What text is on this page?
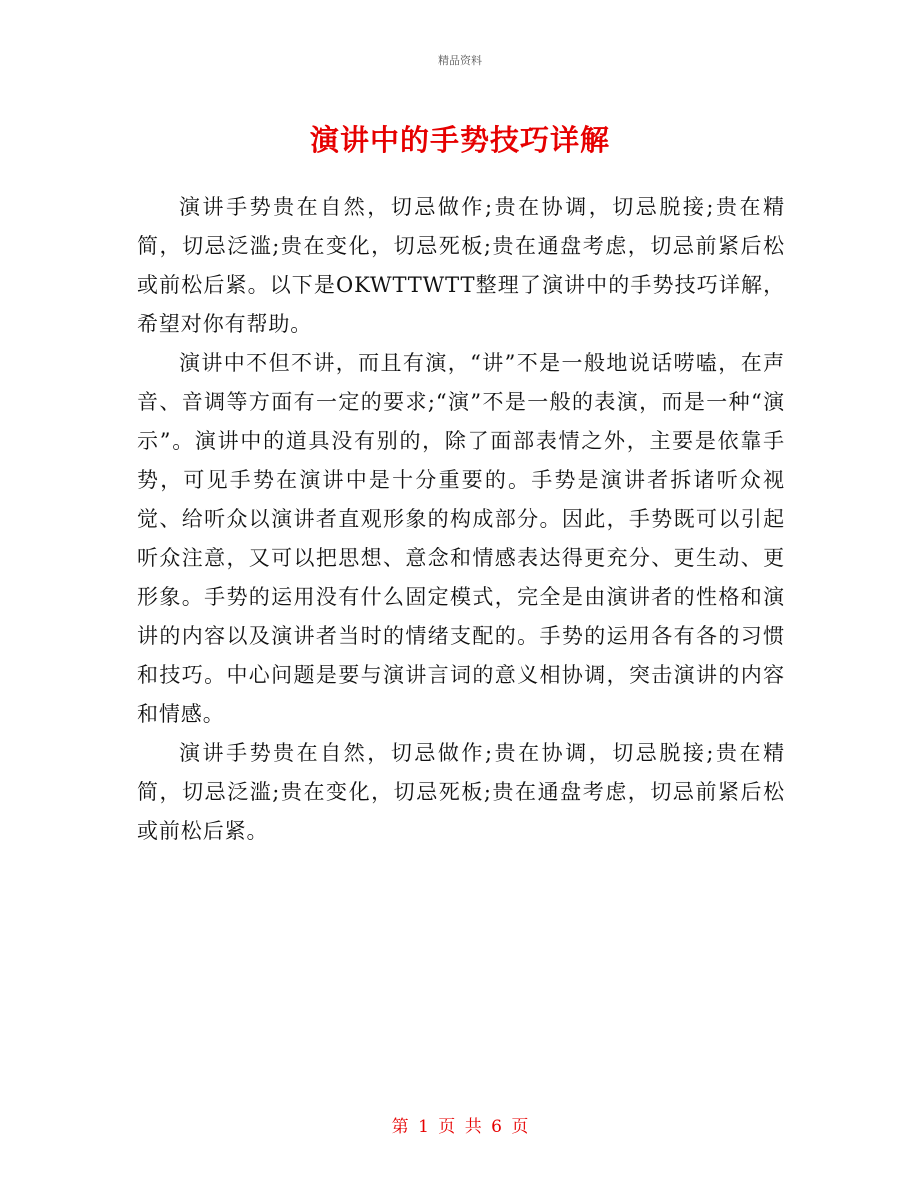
精品资料
演讲中的手势技巧详解

演讲手势贵在自然，切忌做作;贵在协调，切忌脱接;贵在精简，切忌泛滥;贵在变化，切忌死板;贵在通盘考虑，切忌前紧后松或前松后紧。以下是OKWTTWTT整理了演讲中的手势技巧详解，希望对你有帮助。

演讲中不但不讲，而且有演，“讲”不是一般地说话唠嗑，在声音、音调等方面有一定的要求;“演”不是一般的表演，而是一种“演示”。演讲中的道具没有别的，除了面部表情之外，主要是依靠手势，可见手势在演讲中是十分重要的。手势是演讲者拆诸听众视觉、给听众以演讲者直观形象的构成部分。因此，手势既可以引起听众注意，又可以把思想、意念和情感表达得更充分、更生动、更形象。手势的运用没有什么固定模式，完全是由演讲者的性格和演讲的内容以及演讲者当时的情绪支配的。手势的运用各有各的习惯和技巧。中心问题是要与演讲言词的意义相协调，突击演讲的内容和情感。

演讲手势贵在自然，切忌做作;贵在协调，切忌脱接;贵在精简，切忌泛滥;贵在变化，切忌死板;贵在通盘考虑，切忌前紧后松或前松后紧。

第 1 页 共 6 页
